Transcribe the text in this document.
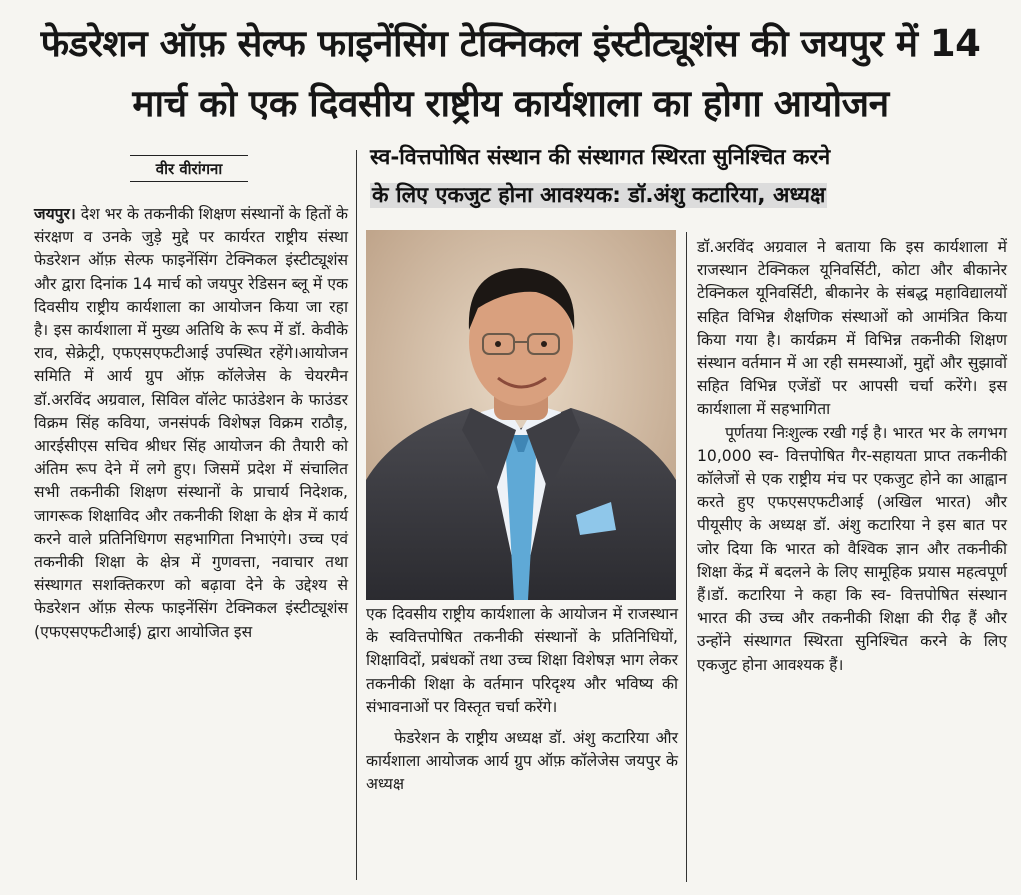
फेडरेशन ऑफ़ सेल्फ फाइनेंसिंग टेक्निकल इंस्टीट्यूशंस की जयपुर में 14 मार्च को एक दिवसीय राष्ट्रीय कार्यशाला का होगा आयोजन
वीर वीरांगना	स्व-वित्तपोषित संस्थान की संस्थागत स्थिरता सुनिश्चित करने
के लिए एकजुट होना आवश्यक: डॉ.अंशु कटारिया, अध्यक्ष

जयपुर। देश भर के तकनीकी शिक्षण संस्थानों के हितों के संरक्षण व उनके जुड़े मुद्दे पर कार्यरत राष्ट्रीय संस्था फेडरेशन ऑफ़ सेल्फ फाइनेंसिंग टेक्निकल इंस्टीट्यूशंस और द्वारा दिनांक 14 मार्च को जयपुर रेडिसन ब्लू में एक दिवसीय राष्ट्रीय कार्यशाला का आयोजन किया जा रहा है। इस कार्यशाला में मुख्य अतिथि के रूप में डॉ. केवीके राव, सेक्रेट्री, एफएसएफटीआई उपस्थित रहेंगे।आयोजन समिति में आर्य ग्रुप ऑफ़ कॉलेजेस के चेयरमैन डॉ.अरविंद अग्रवाल, सिविल वॉलेट फाउंडेशन के फाउंडर विक्रम सिंह कविया, जनसंपर्क विशेषज्ञ विक्रम राठौड़, आरईसीएस सचिव श्रीधर सिंह आयोजन की तैयारी को अंतिम रूप देने में लगे हुए। जिसमें प्रदेश में संचालित सभी तकनीकी शिक्षण संस्थानों के प्राचार्य निदेशक, जागरूक शिक्षाविद और तकनीकी शिक्षा के क्षेत्र में कार्य करने वाले प्रतिनिधिगण सहभागिता निभाएंगे। उच्च एवं तकनीकी शिक्षा के क्षेत्र में गुणवत्ता, नवाचार तथा संस्थागत सशक्तिकरण को बढ़ावा देने के उद्देश्य से फेडरेशन ऑफ़ सेल्फ फाइनेंसिंग टेक्निकल इंस्टीट्यूशंस (एफएसएफटीआई) द्वारा आयोजित इस

एक दिवसीय राष्ट्रीय कार्यशाला के आयोजन में राजस्थान के स्ववित्तपोषित तकनीकी संस्थानों के प्रतिनिधियों, शिक्षाविदों, प्रबंधकों तथा उच्च शिक्षा विशेषज्ञ भाग लेकर तकनीकी शिक्षा के वर्तमान परिदृश्य और भविष्य की संभावनाओं पर विस्तृत चर्चा करेंगे।

फेडरेशन के राष्ट्रीय अध्यक्ष डॉ. अंशु कटारिया और कार्यशाला आयोजक आर्य ग्रुप ऑफ़ कॉलेजेस जयपुर के अध्यक्ष

डॉ.अरविंद अग्रवाल ने बताया कि इस कार्यशाला में राजस्थान टेक्निकल यूनिवर्सिटी, कोटा और बीकानेर टेक्निकल यूनिवर्सिटी, बीकानेर के संबद्ध महाविद्यालयों सहित विभिन्न शैक्षणिक संस्थाओं को आमंत्रित किया किया गया है। कार्यक्रम में विभिन्न तकनीकी शिक्षण संस्थान वर्तमान में आ रही समस्याओं, मुद्दों और सुझावों सहित विभिन्न एजेंडों पर आपसी चर्चा करेंगे। इस कार्यशाला में सहभागिता

पूर्णतया निःशुल्क रखी गई है। भारत भर के लगभग 10,000 स्व- वित्तपोषित गैर-सहायता प्राप्त तकनीकी कॉलेजों से एक राष्ट्रीय मंच पर एकजुट होने का आह्वान करते हुए एफएसएफटीआई (अखिल भारत) और पीयूसीए के अध्यक्ष डॉ. अंशु कटारिया ने इस बात पर जोर दिया कि भारत को वैश्विक ज्ञान और तकनीकी शिक्षा केंद्र में बदलने के लिए सामूहिक प्रयास महत्वपूर्ण हैं।डॉ. कटारिया ने कहा कि स्व- वित्तपोषित संस्थान भारत की उच्च और तकनीकी शिक्षा की रीढ़ हैं और उन्होंने संस्थागत स्थिरता सुनिश्चित करने के लिए एकजुट होना आवश्यक हैं।
